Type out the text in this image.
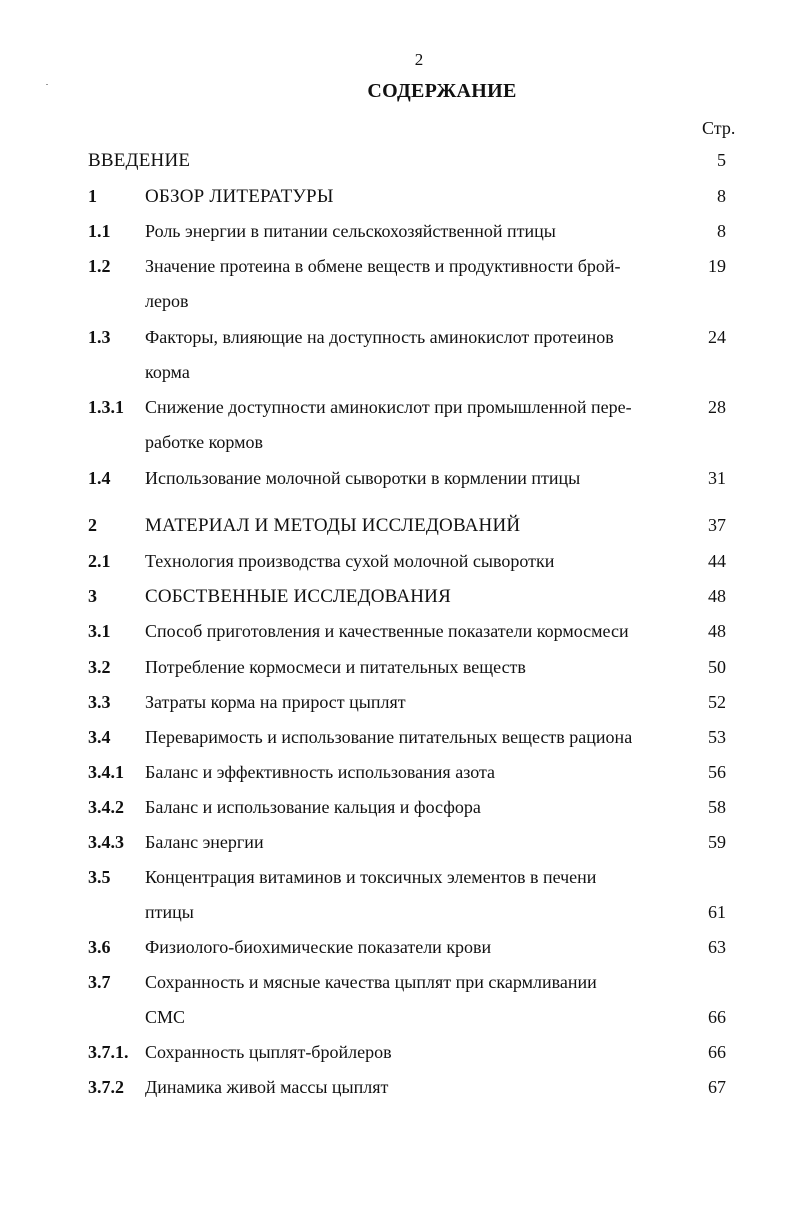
2
СОДЕРЖАНИЕ
Стр.
ВВЕДЕНИЕ	5
1	ОБЗОР ЛИТЕРАТУРЫ	8
1.1 Роль энергии в питании сельскохозяйственной птицы	8
1.2 Значение протеина в обмене веществ и продуктивности брой-	19
леров
1.3 Факторы, влияющие на доступность аминокислот протеинов	24
корма
1.3.1 Снижение доступности аминокислот при промышленной пере-	28
работке кормов
1.4 Использование молочной сыворотки в кормлении птицы	31
2	МАТЕРИАЛ И МЕТОДЫ ИССЛЕДОВАНИЙ	37
2.1 Технология производства сухой молочной сыворотки	44
3	СОБСТВЕННЫЕ ИССЛЕДОВАНИЯ	48
3.1 Способ приготовления и качественные показатели кормосмеси	48
3.2 Потребление кормосмеси и питательных веществ	50
3.3 Затраты корма на прирост цыплят	52
3.4 Переваримость и использование питательных веществ рациона	53
3.4.1 Баланс и эффективность использования азота	56
3.4.2 Баланс и использование кальция и фосфора	58
3.4.3 Баланс энергии	59
3.5 Концентрация витаминов и токсичных элементов в печени
птицы	61
3.6 Физиолого-биохимические показатели крови	63
3.7 Сохранность и мясные качества цыплят при скармливании
СМС	66
3.7.1. Сохранность цыплят-бройлеров	66
3.7.2 Динамика живой массы цыплят	67
